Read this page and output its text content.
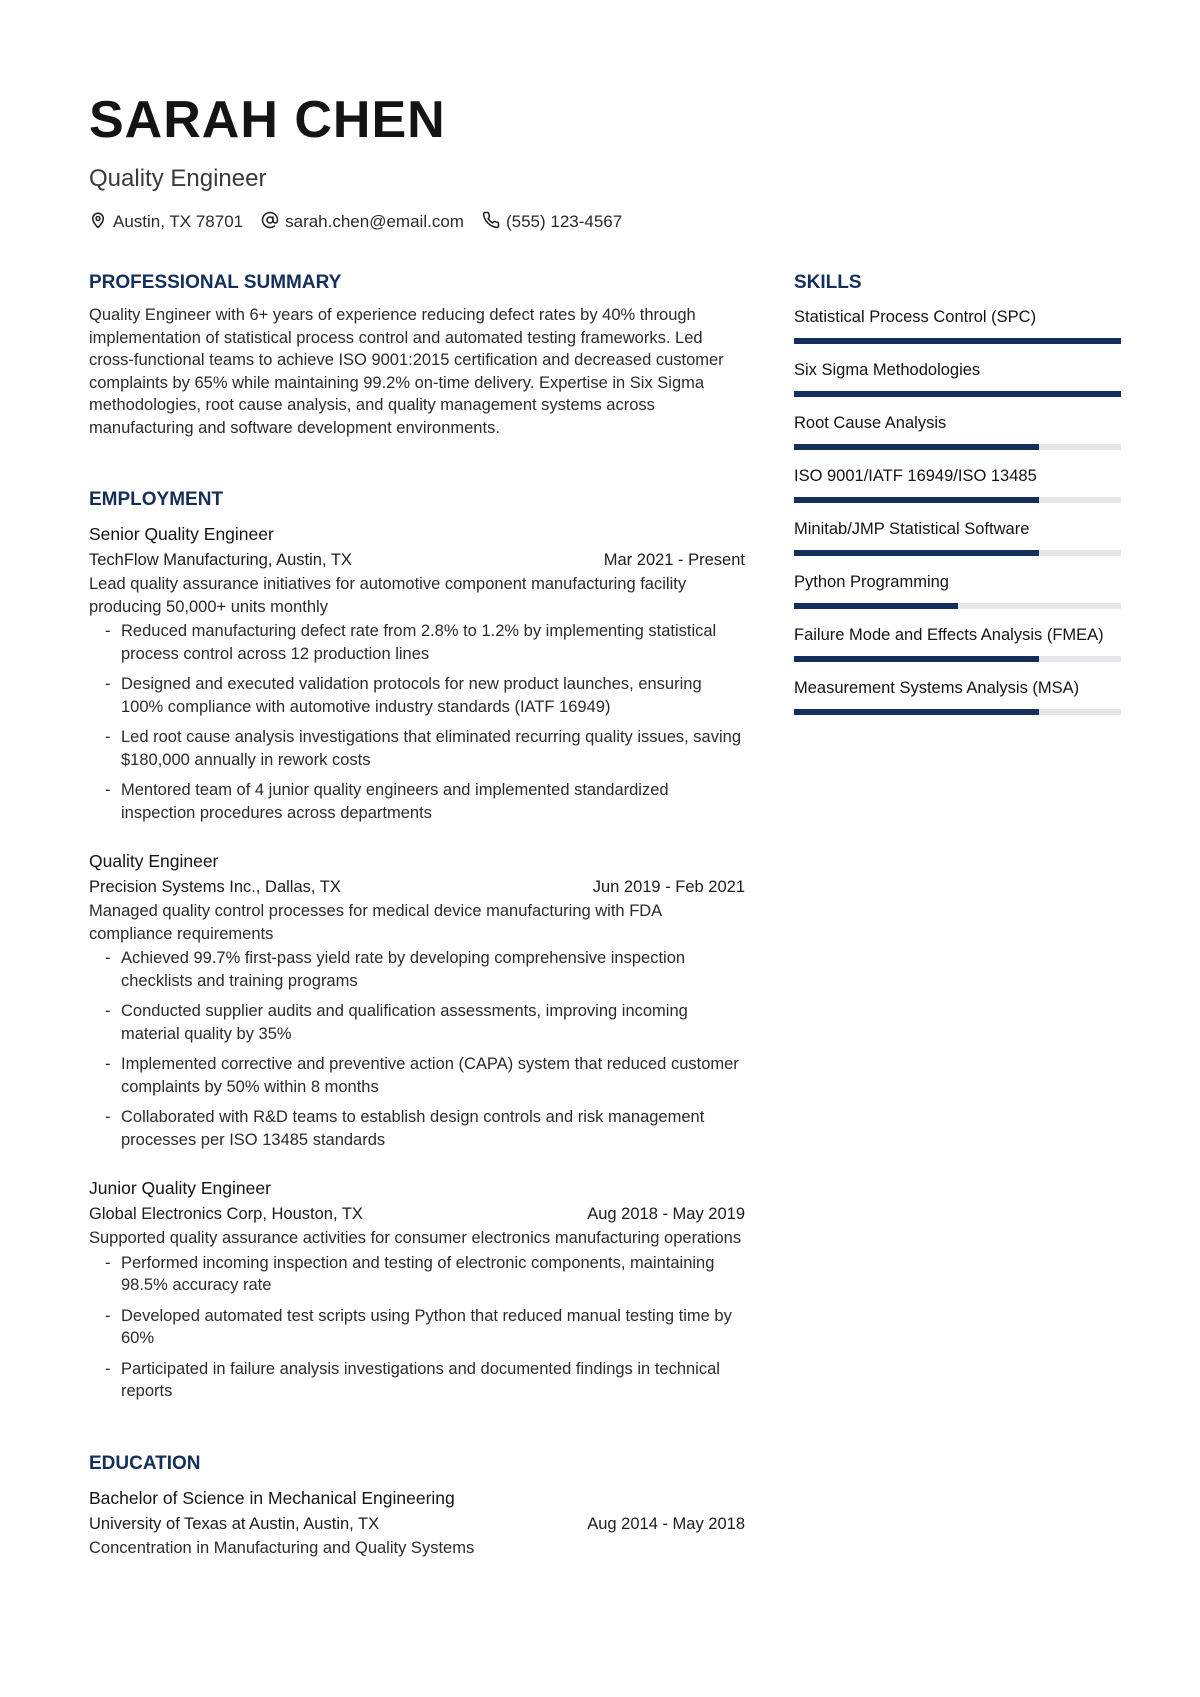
SARAH CHEN
Quality Engineer
Austin, TX 78701 sarah.chen@email.com (555) 123-4567
PROFESSIONAL SUMMARY

Quality Engineer with 6+ years of experience reducing defect rates by 40% through implementation of statistical process control and automated testing frameworks. Led cross-functional teams to achieve ISO 9001:2015 certification and decreased customer complaints by 65% while maintaining 99.2% on-time delivery. Expertise in Six Sigma methodologies, root cause analysis, and quality management systems across manufacturing and software development environments.

EMPLOYMENT
Senior Quality Engineer
TechFlow Manufacturing, Austin, TX	Mar 2021 - Present

Lead quality assurance initiatives for automotive component manufacturing facility producing 50,000+ units monthly

- Reduced manufacturing defect rate from 2.8% to 1.2% by implementing statistical process control across 12 production lines
- Designed and executed validation protocols for new product launches, ensuring 100% compliance with automotive industry standards (IATF 16949)
- Led root cause analysis investigations that eliminated recurring quality issues, saving $180,000 annually in rework costs
- Mentored team of 4 junior quality engineers and implemented standardized inspection procedures across departments
Quality Engineer
Precision Systems Inc., Dallas, TX	Jun 2019 - Feb 2021

Managed quality control processes for medical device manufacturing with FDA compliance requirements

- Achieved 99.7% first-pass yield rate by developing comprehensive inspection checklists and training programs
- Conducted supplier audits and qualification assessments, improving incoming material quality by 35%
- Implemented corrective and preventive action (CAPA) system that reduced customer complaints by 50% within 8 months
- Collaborated with R&D teams to establish design controls and risk management processes per ISO 13485 standards
Junior Quality Engineer
Global Electronics Corp, Houston, TX	Aug 2018 - May 2019

Supported quality assurance activities for consumer electronics manufacturing operations

- Performed incoming inspection and testing of electronic components, maintaining 98.5% accuracy rate
- Developed automated test scripts using Python that reduced manual testing time by 60%
- Participated in failure analysis investigations and documented findings in technical reports
EDUCATION
Bachelor of Science in Mechanical Engineering
University of Texas at Austin, Austin, TX	Aug 2014 - May 2018

Concentration in Manufacturing and Quality Systems

SKILLS
Statistical Process Control (SPC)
Six Sigma Methodologies
Root Cause Analysis
ISO 9001/IATF 16949/ISO 13485
Minitab/JMP Statistical Software
Python Programming
Failure Mode and Effects Analysis (FMEA)
Measurement Systems Analysis (MSA)
